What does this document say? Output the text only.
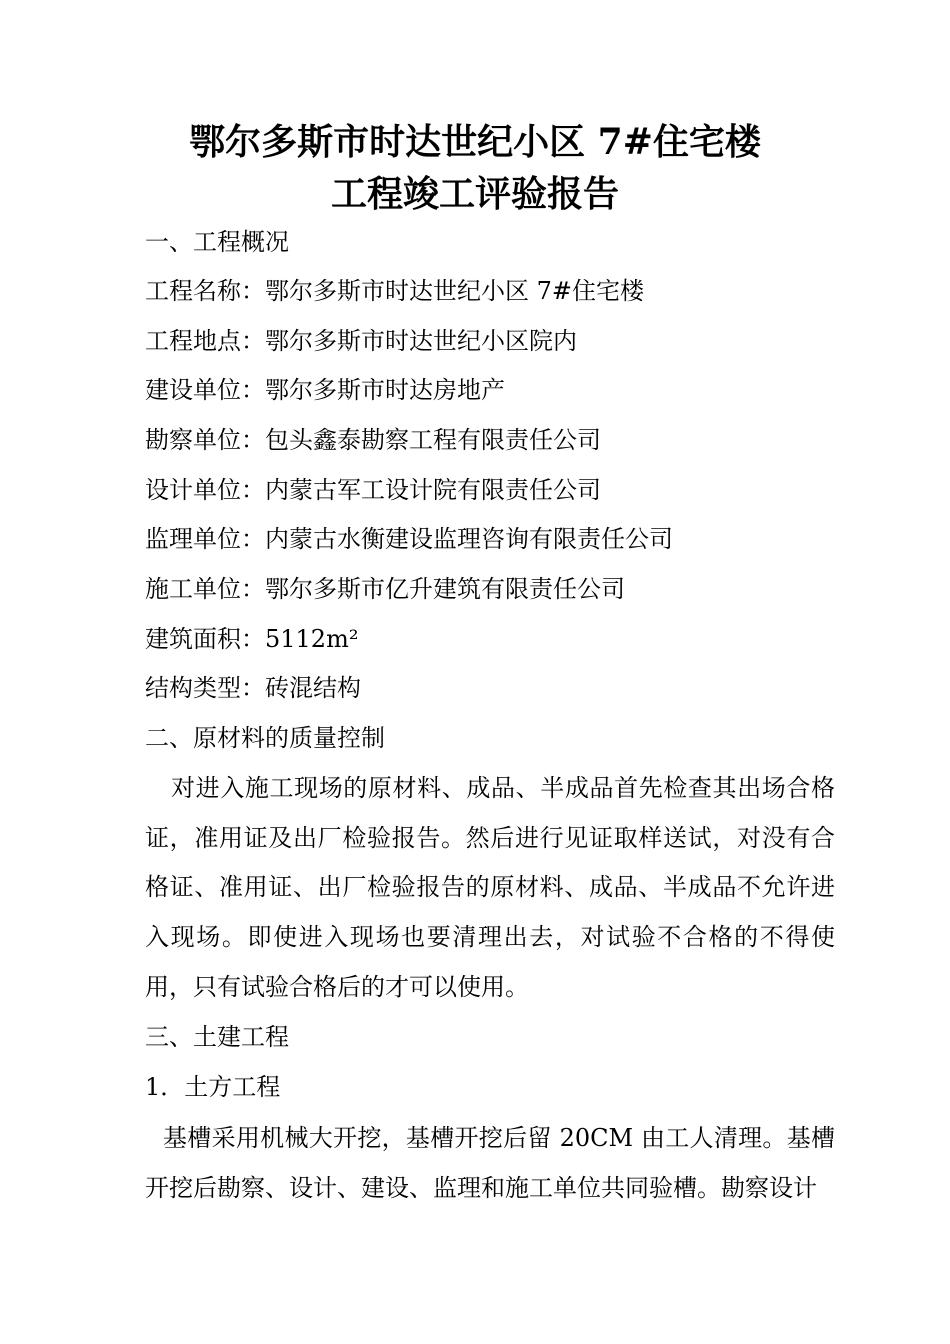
鄂尔多斯市时达世纪小区 7#住宅楼
工程竣工评验报告
一、工程概况
工程名称：鄂尔多斯市时达世纪小区 7#住宅楼
工程地点：鄂尔多斯市时达世纪小区院内
建设单位：鄂尔多斯市时达房地产
勘察单位：包头鑫泰勘察工程有限责任公司
设计单位：内蒙古军工设计院有限责任公司
监理单位：内蒙古水衡建设监理咨询有限责任公司
施工单位：鄂尔多斯市亿升建筑有限责任公司
建筑面积：5112m²
结构类型：砖混结构
二、原材料的质量控制
对进入施工现场的原材料、成品、半成品首先检查其出场合格证，准用证及出厂检验报告。然后进行见证取样送试，对没有合格证、准用证、出厂检验报告的原材料、成品、半成品不允许进入现场。即使进入现场也要清理出去，对试验不合格的不得使用，只有试验合格后的才可以使用。
三、土建工程
1．土方工程
基槽采用机械大开挖，基槽开挖后留 20CM 由工人清理。基槽开挖后勘察、设计、建设、监理和施工单位共同验槽。勘察设计
